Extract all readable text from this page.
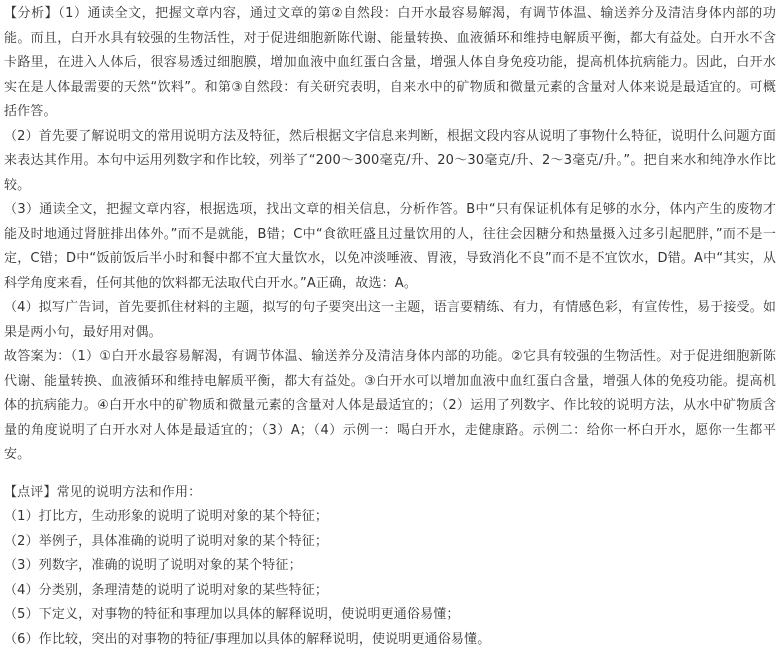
【分析】（1）通读全文，把握文章内容，通过文章的第②自然段：白开水最容易解渴，有调节体温、输送养分及清洁身体内部的功能。而且，白开水具有较强的生物活性，对于促进细胞新陈代谢、能量转换、血液循环和维持电解质平衡，都大有益处。白开水不含卡路里，在进入人体后，很容易透过细胞膜，增加血液中血红蛋白含量，增强人体自身免疫功能，提高机体抗病能力。因此，白开水实在是人体最需要的天然“饮料”。和第③自然段：有关研究表明，自来水中的矿物质和微量元素的含量对人体来说是最适宜的。可概括作答。

（2）首先要了解说明文的常用说明方法及特征，然后根据文字信息来判断，根据文段内容从说明了事物什么特征，说明什么问题方面来表达其作用。本句中运用列数字和作比较，列举了“200～300毫克/升、20～30毫克/升、2～3毫克/升。”。把自来水和纯净水作比较。

（3）通读全文，把握文章内容，根据选项，找出文章的相关信息，分析作答。B中“只有保证机体有足够的水分，体内产生的废物才能及时地通过肾脏排出体外。”而不是就能，B错；C中“食欲旺盛且过量饮用的人，往往会因糖分和热量摄入过多引起肥胖，”而不是一定，C错；D中“饭前饭后半小时和餐中都不宜大量饮水，以免冲淡唾液、胃液，导致消化不良”而不是不宜饮水，D错。A中“其实，从科学角度来看，任何其他的饮料都无法取代白开水。”A正确，故选：A。

（4）拟写广告词，首先要抓住材料的主题，拟写的句子要突出这一主题，语言要精练、有力，有情感色彩，有宣传性，易于接受。如果是两小句，最好用对偶。

故答案为：（1）①白开水最容易解渴，有调节体温、输送养分及清洁身体内部的功能。②它具有较强的生物活性。对于促进细胞新陈代谢、能量转换、血液循环和维持电解质平衡，都大有益处。③白开水可以增加血液中血红蛋白含量，增强人体的免疫功能。提高机体的抗病能力。④白开水中的矿物质和微量元素的含量对人体是最适宜的；（2）运用了列数字、作比较的说明方法，从水中矿物质含量的角度说明了白开水对人体是最适宜的；（3）A；（4）示例一：喝白开水，走健康路。示例二：给你一杯白开水，愿你一生都平安。

【点评】常见的说明方法和作用：

（1）打比方，生动形象的说明了说明对象的某个特征；

（2）举例子，具体准确的说明了说明对象的某个特征；

（3）列数字，准确的说明了说明对象的某个特征；

（4）分类别，条理清楚的说明了说明对象的某些特征；

（5）下定义，对事物的特征和事理加以具体的解释说明，使说明更通俗易懂；

（6）作比较，突出的对事物的特征/事理加以具体的解释说明，使说明更通俗易懂。
